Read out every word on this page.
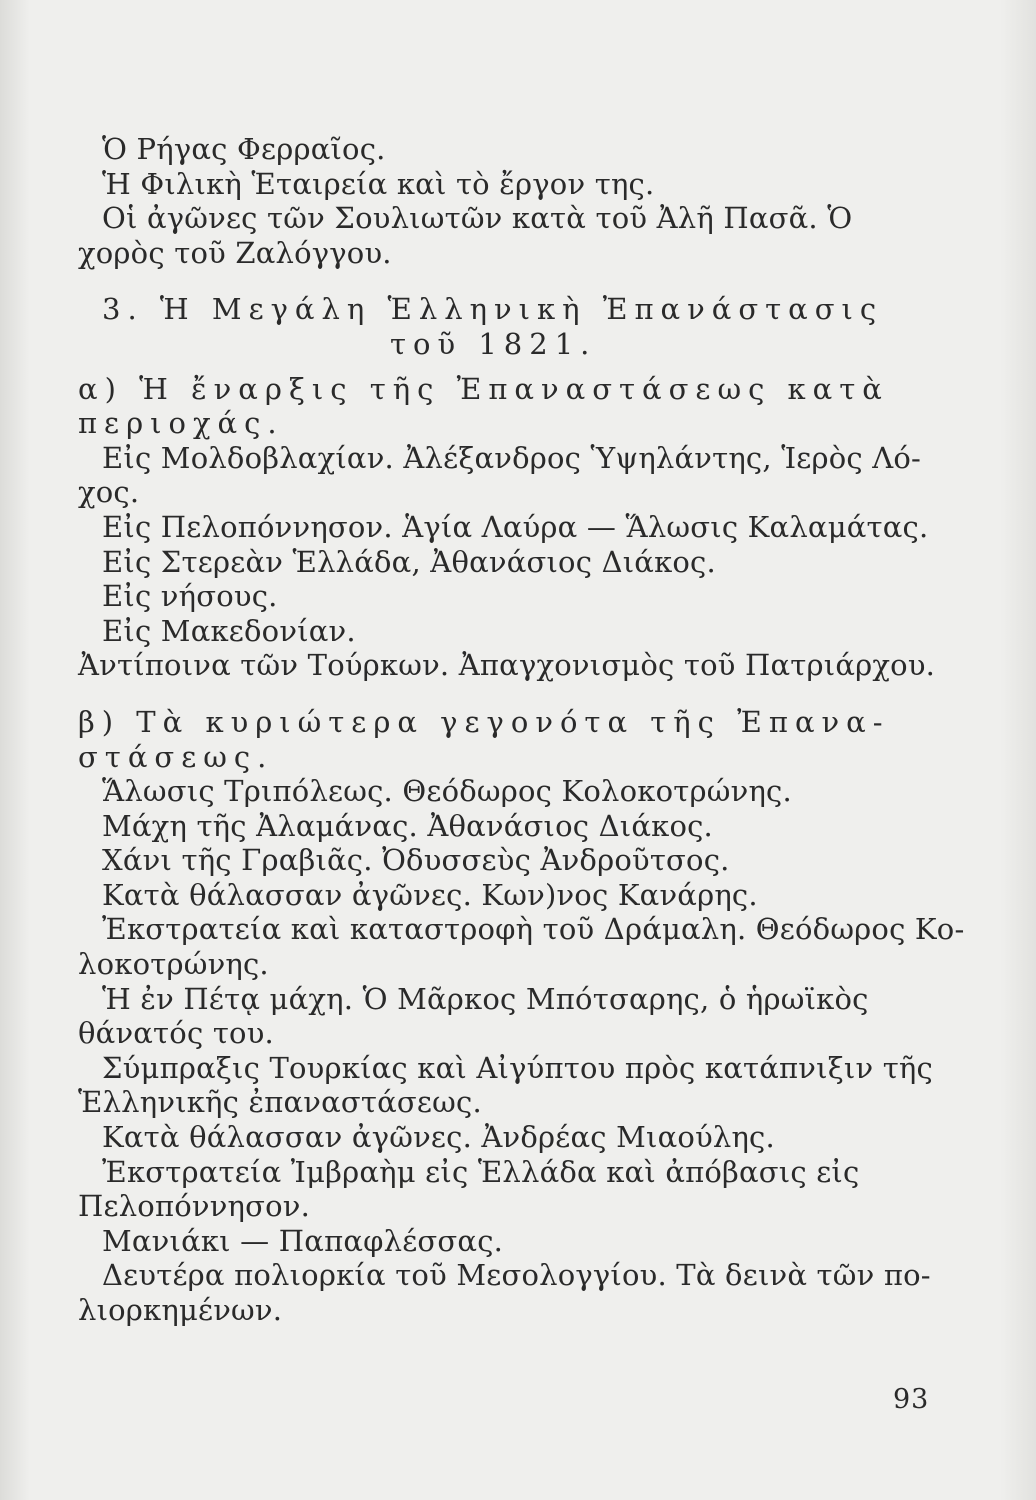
Ὁ Ρήγας Φερραῖος.
Ἡ Φιλικὴ Ἑταιρεία καὶ τὸ ἔργον της.
Οἱ ἀγῶνες τῶν Σουλιωτῶν κατὰ τοῦ Ἀλῆ Πασᾶ. Ὁ
χορὸς τοῦ Ζαλόγγου.
3. Ἡ Μεγάλη Ἑλληνικὴ Ἐπανάστασις
τοῦ 1821.
α) Ἡ ἔναρξις τῆς Ἐπαναστάσεως κατὰ
περιοχάς.
Εἰς Μολδοβλαχίαν. Ἀλέξανδρος Ὑψηλάντης, Ἱερὸς Λό-
χος.
Εἰς Πελοπόννησον. Ἁγία Λαύρα — Ἅλωσις Καλαμάτας.
Εἰς Στερεὰν Ἑλλάδα, Ἀθανάσιος Διάκος.
Εἰς νήσους.
Εἰς Μακεδονίαν.
Ἀντίποινα τῶν Τούρκων. Ἀπαγχονισμὸς τοῦ Πατριάρχου.
β) Τὰ κυριώτερα γεγονότα τῆς Ἐπανα-
στάσεως.
Ἅλωσις Τριπόλεως. Θεόδωρος Κολοκοτρώνης.
Μάχη τῆς Ἀλαμάνας. Ἀθανάσιος Διάκος.
Χάνι τῆς Γραβιᾶς. Ὀδυσσεὺς Ἀνδροῦτσος.
Κατὰ θάλασσαν ἀγῶνες. Κων)νος Κανάρης.
Ἐκστρατεία καὶ καταστροφὴ τοῦ Δράμαλη. Θεόδωρος Κο-
λοκοτρώνης.
Ἡ ἐν Πέτᾳ μάχη. Ὁ Μᾶρκος Μπότσαρης, ὁ ἡρωϊκὸς
θάνατός του.
Σύμπραξις Τουρκίας καὶ Αἰγύπτου πρὸς κατάπνιξιν τῆς
Ἑλληνικῆς ἐπαναστάσεως.
Κατὰ θάλασσαν ἀγῶνες. Ἀνδρέας Μιαούλης.
Ἐκστρατεία Ἰμβραὴμ εἰς Ἑλλάδα καὶ ἀπόβασις εἰς
Πελοπόννησον.
Μανιάκι — Παπαφλέσσας.
Δευτέρα πολιορκία τοῦ Μεσολογγίου. Τὰ δεινὰ τῶν πο-
λιορκημένων.
93
